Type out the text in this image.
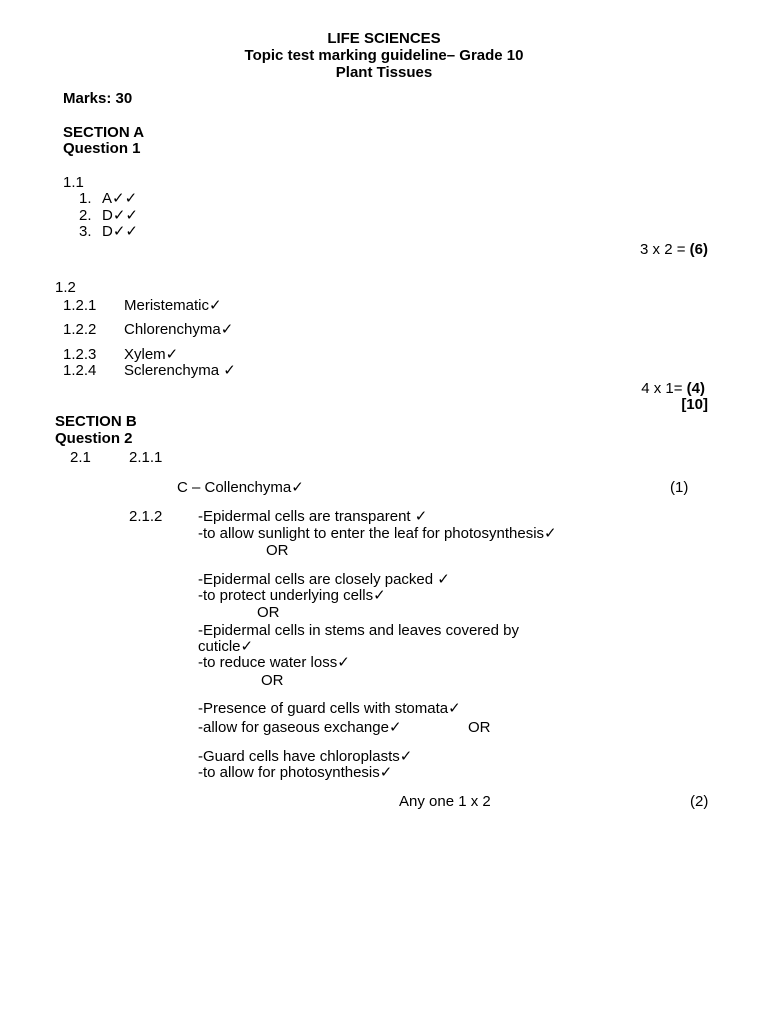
LIFE SCIENCES
Topic test marking guideline– Grade 10
Plant Tissues
Marks: 30
SECTION A
Question 1
1.1
1. A✓✓
2. D✓✓
3. D✓✓
3 x 2 = (6)
1.2
1.2.1 Meristematic✓
1.2.2 Chlorenchyma✓
1.2.3 Xylem✓
1.2.4 Sclerenchyma ✓
4 x 1= (4)
[10]
SECTION B
Question 2
2.1	2.1.1
C – Collenchyma✓	(1)
2.1.2 -Epidermal cells are transparent ✓
-to allow sunlight to enter the leaf for photosynthesis✓
OR
-Epidermal cells are closely packed ✓
-to protect underlying cells✓
OR
-Epidermal cells in stems and leaves covered by
cuticle✓
-to reduce water loss✓
OR
-Presence of guard cells with stomata✓
-allow for gaseous exchange✓	OR
-Guard cells have chloroplasts✓
-to allow for photosynthesis✓
Any one 1 x 2	(2)
